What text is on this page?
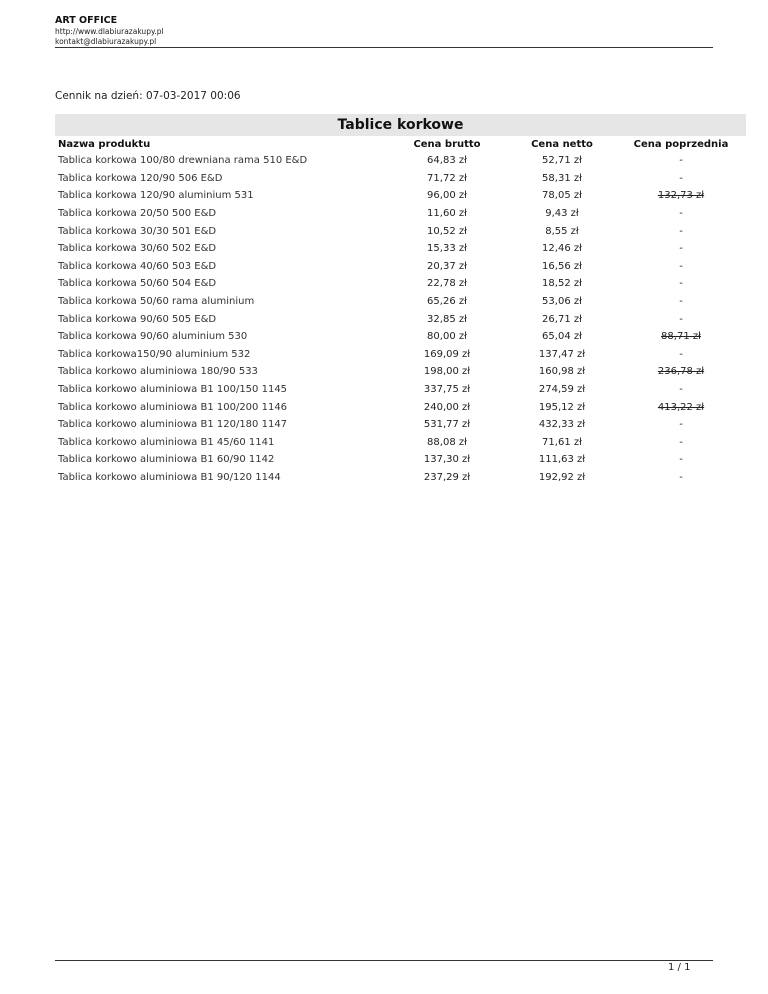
ART OFFICE
http://www.dlabiurazakupy.pl
kontakt@dlabiurazakupy.pl
Cennik na dzień: 07-03-2017 00:06
Tablice korkowe
Nazwa produktu	Cena brutto	Cena netto	Cena poprzednia
Tablica korkowa 100/80 drewniana rama 510 E&D	64,83 zł	52,71 zł	-
Tablica korkowa 120/90 506 E&D	71,72 zł	58,31 zł	-
Tablica korkowa 120/90 aluminium 531	96,00 zł	78,05 zł	132,73 zł
Tablica korkowa 20/50 500 E&D	11,60 zł	9,43 zł	-
Tablica korkowa 30/30 501 E&D	10,52 zł	8,55 zł	-
Tablica korkowa 30/60 502 E&D	15,33 zł	12,46 zł	-
Tablica korkowa 40/60 503 E&D	20,37 zł	16,56 zł	-
Tablica korkowa 50/60 504 E&D	22,78 zł	18,52 zł	-
Tablica korkowa 50/60 rama aluminium	65,26 zł	53,06 zł	-
Tablica korkowa 90/60 505 E&D	32,85 zł	26,71 zł	-
Tablica korkowa 90/60 aluminium 530	80,00 zł	65,04 zł	88,71 zł
Tablica korkowa150/90 aluminium 532	169,09 zł	137,47 zł	-
Tablica korkowo aluminiowa 180/90 533	198,00 zł	160,98 zł	236,78 zł
Tablica korkowo aluminiowa B1 100/150 1145	337,75 zł	274,59 zł	-
Tablica korkowo aluminiowa B1 100/200 1146	240,00 zł	195,12 zł	413,22 zł
Tablica korkowo aluminiowa B1 120/180 1147	531,77 zł	432,33 zł	-
Tablica korkowo aluminiowa B1 45/60 1141	88,08 zł	71,61 zł	-
Tablica korkowo aluminiowa B1 60/90 1142	137,30 zł	111,63 zł	-
Tablica korkowo aluminiowa B1 90/120 1144	237,29 zł	192,92 zł	-
1 / 1
